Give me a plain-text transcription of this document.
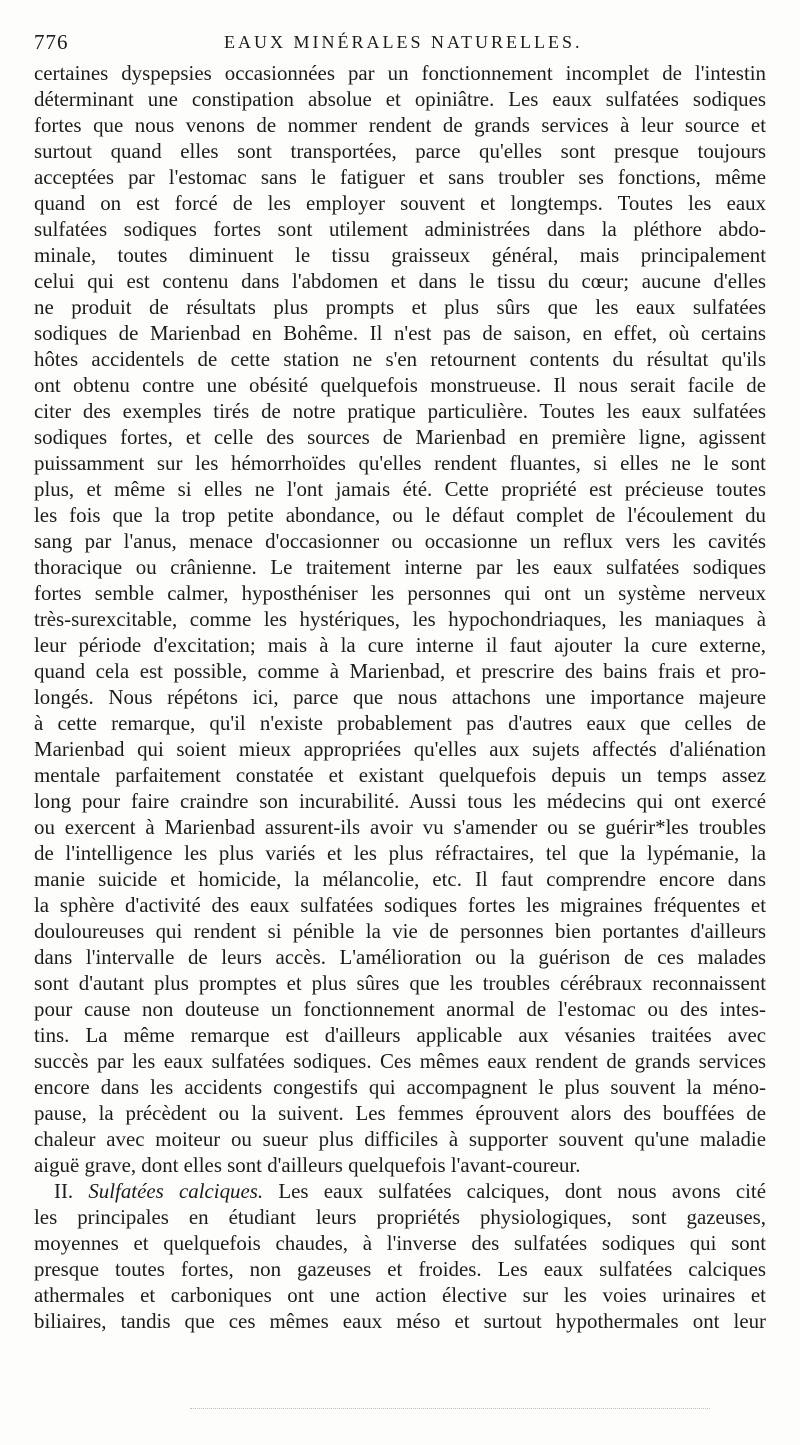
776	EAUX MINÉRALES NATURELLES.
certaines dyspepsies occasionnées par un fonctionnement incomplet de l'intestin
déterminant une constipation absolue et opiniâtre. Les eaux sulfatées sodiques
fortes que nous venons de nommer rendent de grands services à leur source et
surtout quand elles sont transportées, parce qu'elles sont presque toujours
acceptées par l'estomac sans le fatiguer et sans troubler ses fonctions, même
quand on est forcé de les employer souvent et longtemps. Toutes les eaux
sulfatées sodiques fortes sont utilement administrées dans la pléthore abdo-
minale, toutes diminuent le tissu graisseux général, mais principalement
celui qui est contenu dans l'abdomen et dans le tissu du cœur; aucune d'elles
ne produit de résultats plus prompts et plus sûrs que les eaux sulfatées
sodiques de Marienbad en Bohême. Il n'est pas de saison, en effet, où certains
hôtes accidentels de cette station ne s'en retournent contents du résultat qu'ils
ont obtenu contre une obésité quelquefois monstrueuse. Il nous serait facile de
citer des exemples tirés de notre pratique particulière. Toutes les eaux sulfatées
sodiques fortes, et celle des sources de Marienbad en première ligne, agissent
puissamment sur les hémorrhoïdes qu'elles rendent fluantes, si elles ne le sont
plus, et même si elles ne l'ont jamais été. Cette propriété est précieuse toutes
les fois que la trop petite abondance, ou le défaut complet de l'écoulement du
sang par l'anus, menace d'occasionner ou occasionne un reflux vers les cavités
thoracique ou crânienne. Le traitement interne par les eaux sulfatées sodiques
fortes semble calmer, hyposthéniser les personnes qui ont un système nerveux
très-surexcitable, comme les hystériques, les hypochondriaques, les maniaques à
leur période d'excitation; mais à la cure interne il faut ajouter la cure externe,
quand cela est possible, comme à Marienbad, et prescrire des bains frais et pro-
longés. Nous répétons ici, parce que nous attachons une importance majeure
à cette remarque, qu'il n'existe probablement pas d'autres eaux que celles de
Marienbad qui soient mieux appropriées qu'elles aux sujets affectés d'aliénation
mentale parfaitement constatée et existant quelquefois depuis un temps assez
long pour faire craindre son incurabilité. Aussi tous les médecins qui ont exercé
ou exercent à Marienbad assurent-ils avoir vu s'amender ou se guérir*les troubles
de l'intelligence les plus variés et les plus réfractaires, tel que la lypémanie, la
manie suicide et homicide, la mélancolie, etc. Il faut comprendre encore dans
la sphère d'activité des eaux sulfatées sodiques fortes les migraines fréquentes et
douloureuses qui rendent si pénible la vie de personnes bien portantes d'ailleurs
dans l'intervalle de leurs accès. L'amélioration ou la guérison de ces malades
sont d'autant plus promptes et plus sûres que les troubles cérébraux reconnaissent
pour cause non douteuse un fonctionnement anormal de l'estomac ou des intes-
tins. La même remarque est d'ailleurs applicable aux vésanies traitées avec
succès par les eaux sulfatées sodiques. Ces mêmes eaux rendent de grands services
encore dans les accidents congestifs qui accompagnent le plus souvent la méno-
pause, la précèdent ou la suivent. Les femmes éprouvent alors des bouffées de
chaleur avec moiteur ou sueur plus difficiles à supporter souvent qu'une maladie
aiguë grave, dont elles sont d'ailleurs quelquefois l'avant-coureur.
II. Sulfatées calciques. Les eaux sulfatées calciques, dont nous avons cité
les principales en étudiant leurs propriétés physiologiques, sont gazeuses,
moyennes et quelquefois chaudes, à l'inverse des sulfatées sodiques qui sont
presque toutes fortes, non gazeuses et froides. Les eaux sulfatées calciques
athermales et carboniques ont une action élective sur les voies urinaires et
biliaires, tandis que ces mêmes eaux méso et surtout hypothermales ont leur
